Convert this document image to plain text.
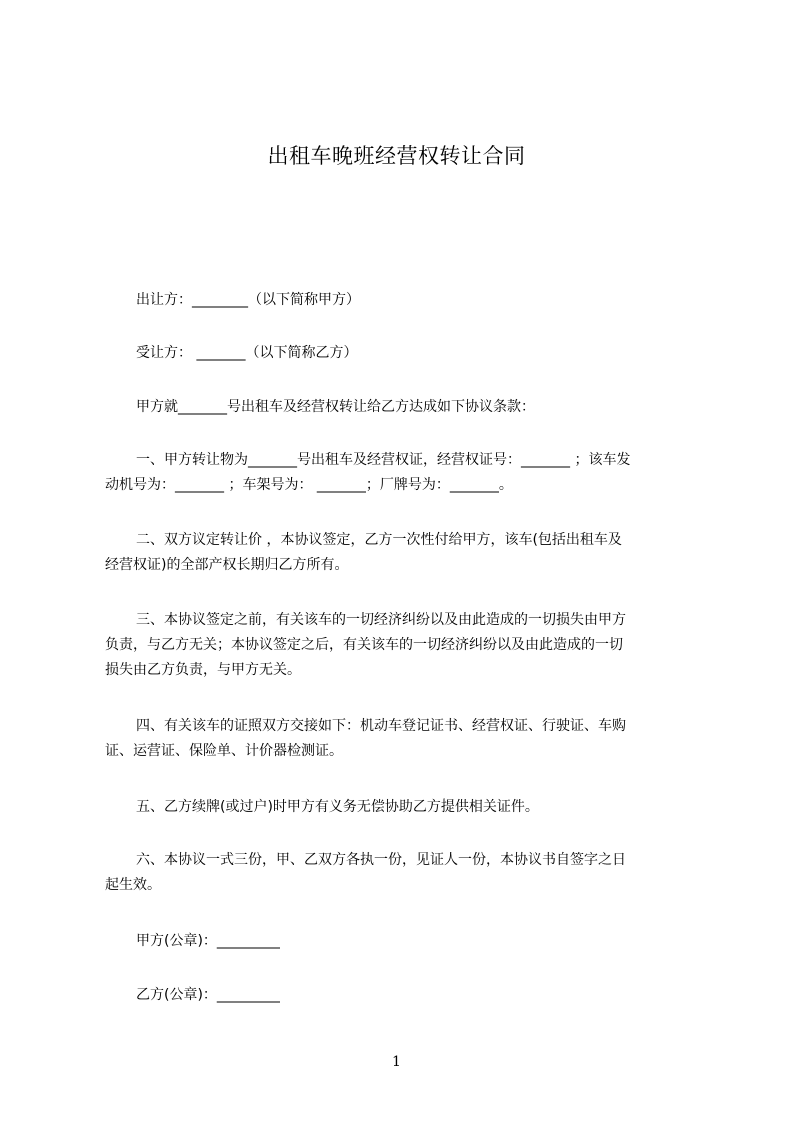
出租车晚班经营权转让合同
出让方：________（以下简称甲方）
受让方： _______（以下简称乙方）
甲方就_______号出租车及经营权转让给乙方达成如下协议条款：
一、甲方转让物为_______号出租车及经营权证，经营权证号：_______ ；该车发
动机号为：_______ ；车架号为： _______；厂牌号为：_______。
二、双方议定转让价 ，本协议签定，乙方一次性付给甲方，该车(包括出租车及
经营权证)的全部产权长期归乙方所有。
三、本协议签定之前，有关该车的一切经济纠纷以及由此造成的一切损失由甲方
负责，与乙方无关；本协议签定之后，有关该车的一切经济纠纷以及由此造成的一切
损失由乙方负责，与甲方无关。
四、有关该车的证照双方交接如下：机动车登记证书、经营权证、行驶证、车购
证、运营证、保险单、计价器检测证。
五、乙方续牌(或过户)时甲方有义务无偿协助乙方提供相关证件。
六、本协议一式三份，甲、乙双方各执一份，见证人一份，本协议书自签字之日
起生效。
甲方(公章)：_________
乙方(公章)：_________
1
